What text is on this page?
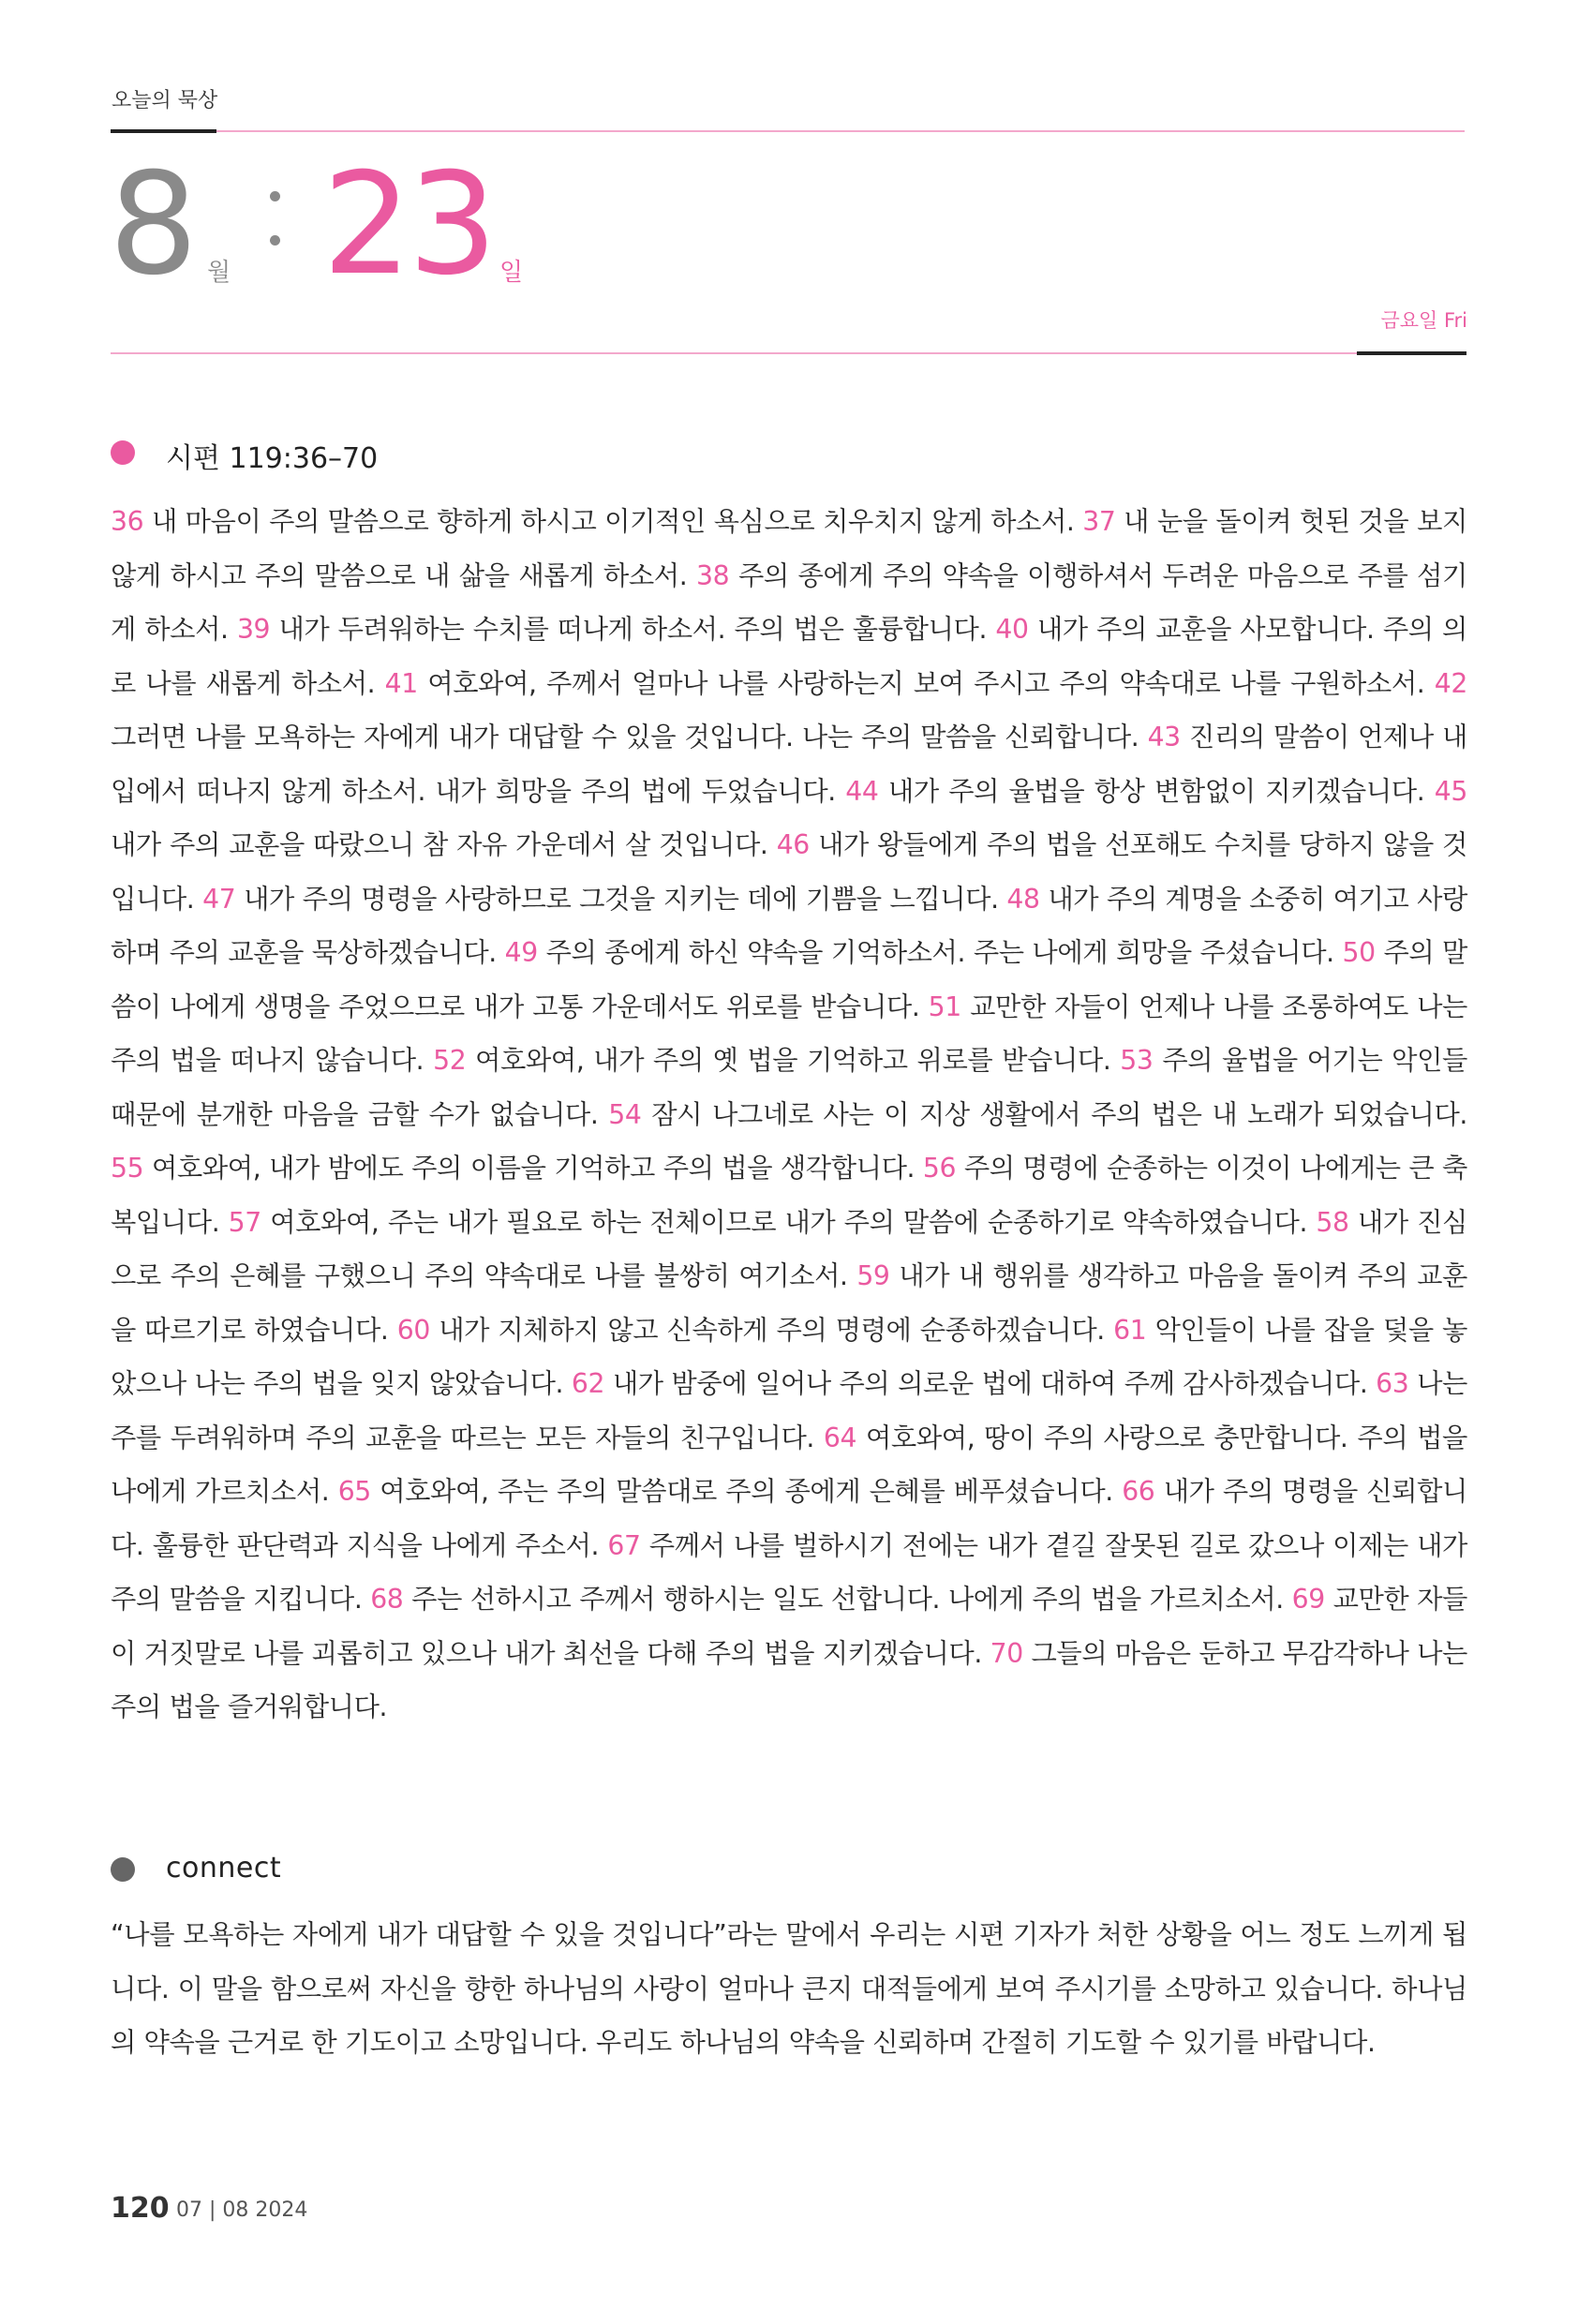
오늘의 묵상
8 월 23 일
금요일 Fri
시편 119:36–70

36 내 마음이 주의 말씀으로 향하게 하시고 이기적인 욕심으로 치우치지 않게 하소서. 37 내 눈을 돌이켜 헛된 것을 보지 않게 하시고 주의 말씀으로 내 삶을 새롭게 하소서. 38 주의 종에게 주의 약속을 이행하셔서 두려운 마음으로 주를 섬기게 하소서. 39 내가 두려워하는 수치를 떠나게 하소서. 주의 법은 훌륭합니다. 40 내가 주의 교훈을 사모합니다. 주의 의로 나를 새롭게 하소서. 41 여호와여, 주께서 얼마나 나를 사랑하는지 보여 주시고 주의 약속대로 나를 구원하소서. 42 그러면 나를 모욕하는 자에게 내가 대답할 수 있을 것입니다. 나는 주의 말씀을 신뢰합니다. 43 진리의 말씀이 언제나 내 입에서 떠나지 않게 하소서. 내가 희망을 주의 법에 두었습니다. 44 내가 주의 율법을 항상 변함없이 지키겠습니다. 45 내가 주의 교훈을 따랐으니 참 자유 가운데서 살 것입니다. 46 내가 왕들에게 주의 법을 선포해도 수치를 당하지 않을 것입니다. 47 내가 주의 명령을 사랑하므로 그것을 지키는 데에 기쁨을 느낍니다. 48 내가 주의 계명을 소중히 여기고 사랑하며 주의 교훈을 묵상하겠습니다. 49 주의 종에게 하신 약속을 기억하소서. 주는 나에게 희망을 주셨습니다. 50 주의 말씀이 나에게 생명을 주었으므로 내가 고통 가운데서도 위로를 받습니다. 51 교만한 자들이 언제나 나를 조롱하여도 나는 주의 법을 떠나지 않습니다. 52 여호와여, 내가 주의 옛 법을 기억하고 위로를 받습니다. 53 주의 율법을 어기는 악인들 때문에 분개한 마음을 금할 수가 없습니다. 54 잠시 나그네로 사는 이 지상 생활에서 주의 법은 내 노래가 되었습니다. 55 여호와여, 내가 밤에도 주의 이름을 기억하고 주의 법을 생각합니다. 56 주의 명령에 순종하는 이것이 나에게는 큰 축복입니다. 57 여호와여, 주는 내가 필요로 하는 전체이므로 내가 주의 말씀에 순종하기로 약속하였습니다. 58 내가 진심으로 주의 은혜를 구했으니 주의 약속대로 나를 불쌍히 여기소서. 59 내가 내 행위를 생각하고 마음을 돌이켜 주의 교훈을 따르기로 하였습니다. 60 내가 지체하지 않고 신속하게 주의 명령에 순종하겠습니다. 61 악인들이 나를 잡을 덫을 놓았으나 나는 주의 법을 잊지 않았습니다. 62 내가 밤중에 일어나 주의 의로운 법에 대하여 주께 감사하겠습니다. 63 나는 주를 두려워하며 주의 교훈을 따르는 모든 자들의 친구입니다. 64 여호와여, 땅이 주의 사랑으로 충만합니다. 주의 법을 나에게 가르치소서. 65 여호와여, 주는 주의 말씀대로 주의 종에게 은혜를 베푸셨습니다. 66 내가 주의 명령을 신뢰합니다. 훌륭한 판단력과 지식을 나에게 주소서. 67 주께서 나를 벌하시기 전에는 내가 곁길 잘못된 길로 갔으나 이제는 내가 주의 말씀을 지킵니다. 68 주는 선하시고 주께서 행하시는 일도 선합니다. 나에게 주의 법을 가르치소서. 69 교만한 자들이 거짓말로 나를 괴롭히고 있으나 내가 최선을 다해 주의 법을 지키겠습니다. 70 그들의 마음은 둔하고 무감각하나 나는 주의 법을 즐거워합니다.

connect

“나를 모욕하는 자에게 내가 대답할 수 있을 것입니다”라는 말에서 우리는 시편 기자가 처한 상황을 어느 정도 느끼게 됩니다. 이 말을 함으로써 자신을 향한 하나님의 사랑이 얼마나 큰지 대적들에게 보여 주시기를 소망하고 있습니다. 하나님의 약속을 근거로 한 기도이고 소망입니다. 우리도 하나님의 약속을 신뢰하며 간절히 기도할 수 있기를 바랍니다.

120 07 | 08 2024
